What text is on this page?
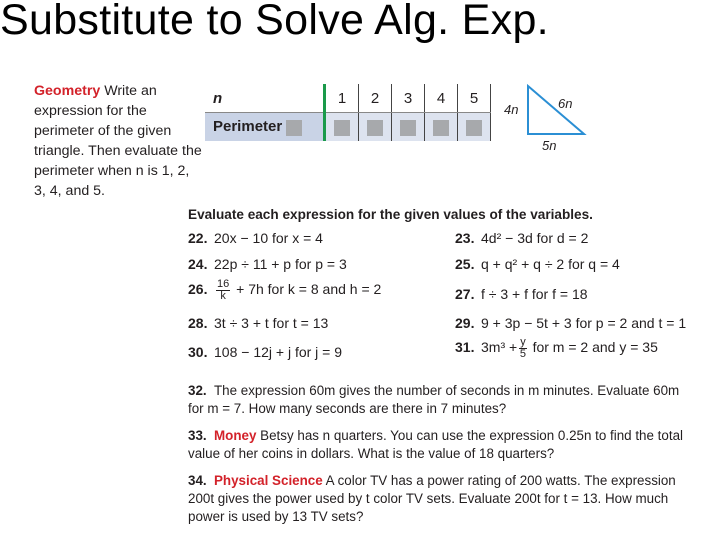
Substitute to Solve Alg. Exp.
Geometry Write an expression for the perimeter of the given triangle. Then evaluate the perimeter when n is 1, 2, 3, 4, and 5.
n	1	2	3	4	5
Perimeter					
4n	6n
5n
Evaluate each expression for the given values of the variables.
22. 20x − 10 for x = 4	23. 4d² − 3d for d = 2
24. 22p ÷ 11 + p for p = 3	25. q + q² + q ÷ 2 for q = 4
26. $\frac{16}{k} + 7h$ for k = 8 and h = 2	27. f ÷ 3 + f for f = 18
28. 3t ÷ 3 + t for t = 13	29. 9 + 3p − 5t + 3 for p = 2 and t = 1
30. 108 − 12j + j for j = 9	31. $3m^3 + \frac{y}{5}$ for m = 2 and y = 35
32. The expression 60m gives the number of seconds in m minutes. Evaluate 60m for m = 7. How many seconds are there in 7 minutes?
33. Money Betsy has n quarters. You can use the expression 0.25n to find the total value of her coins in dollars. What is the value of 18 quarters?
34. Physical Science A color TV has a power rating of 200 watts. The expression 200t gives the power used by t color TV sets. Evaluate 200t for t = 13. How much power is used by 13 TV sets?
